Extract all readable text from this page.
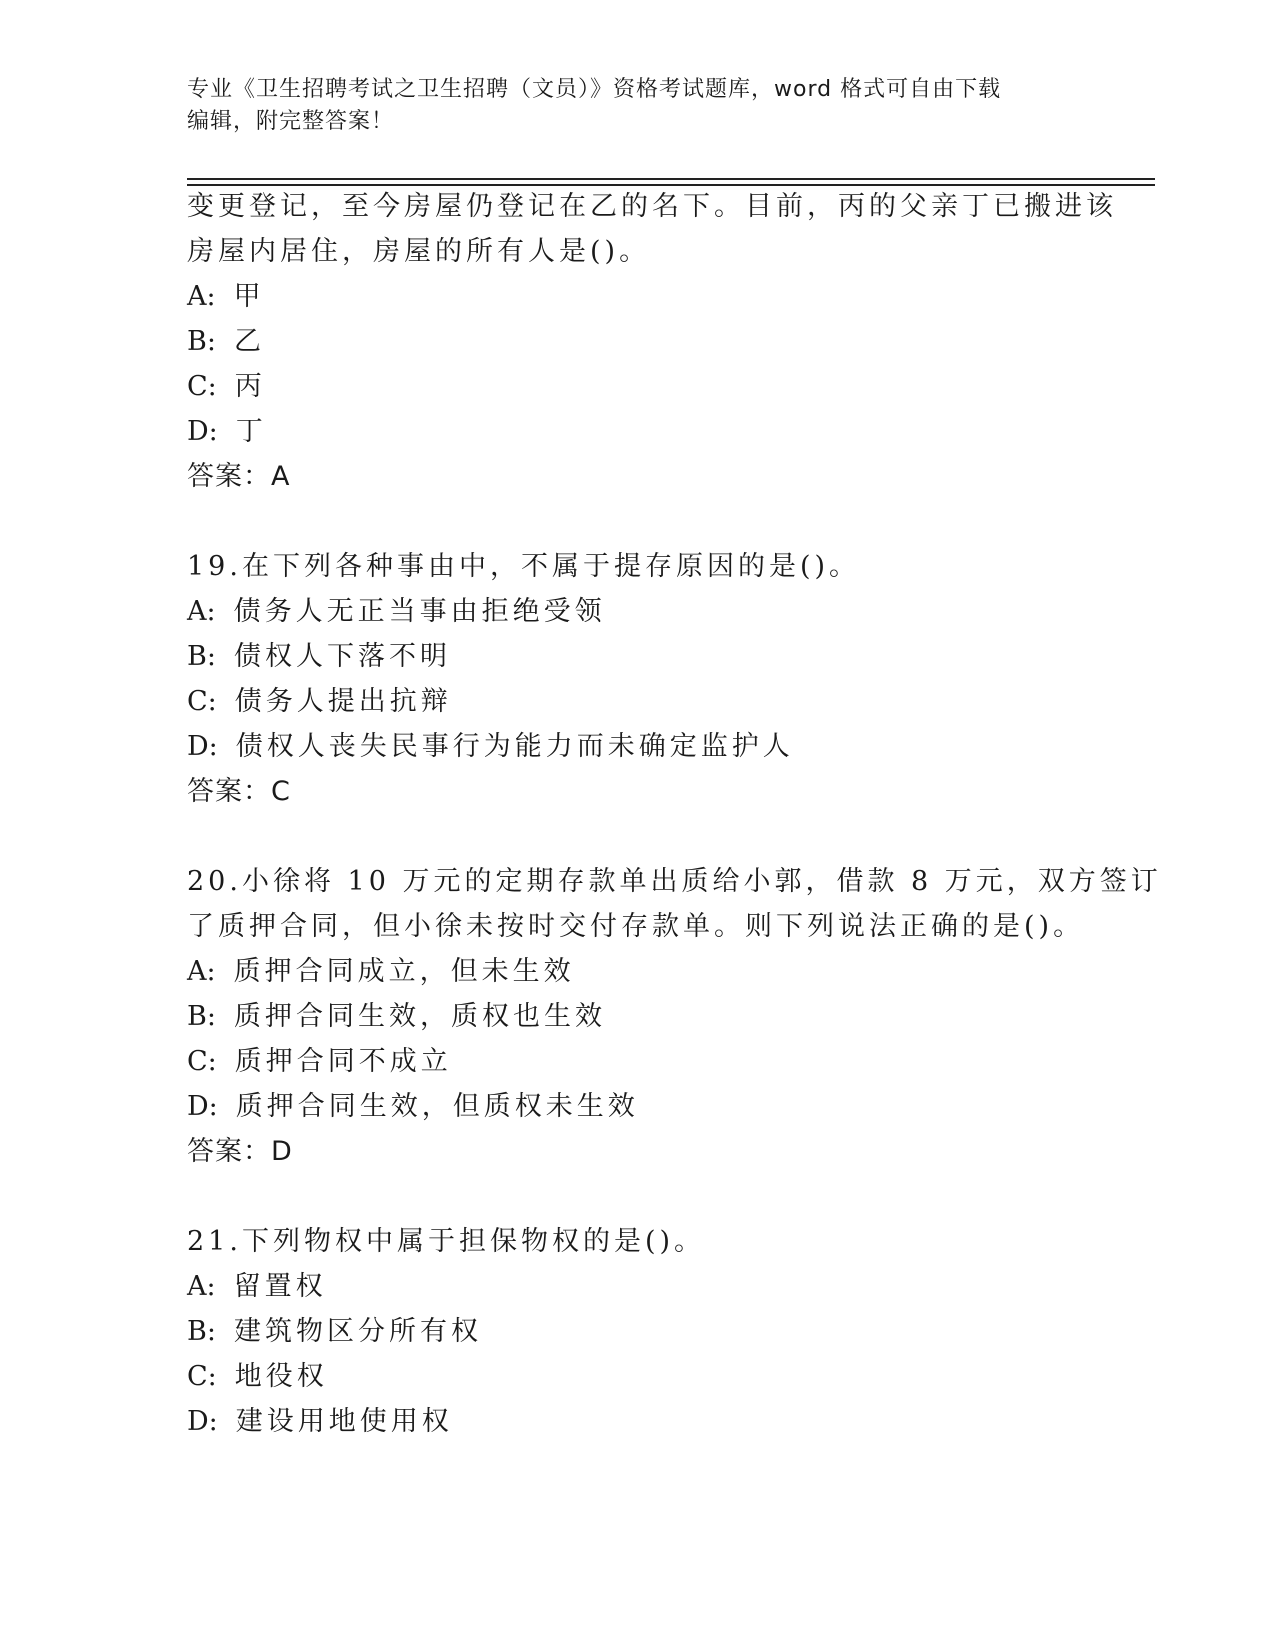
专业《卫生招聘考试之卫生招聘（文员）》资格考试题库，word 格式可自由下载
编辑，附完整答案！
变更登记，至今房屋仍登记在乙的名下。目前，丙的父亲丁已搬进该
房屋内居住，房屋的所有人是()。
A: 甲
B: 乙
C: 丙
D: 丁
答案：A
19.在下列各种事由中，不属于提存原因的是()。
A: 债务人无正当事由拒绝受领
B: 债权人下落不明
C: 债务人提出抗辩
D: 债权人丧失民事行为能力而未确定监护人
答案：C
20.小徐将 10 万元的定期存款单出质给小郭，借款 8 万元，双方签订
了质押合同，但小徐未按时交付存款单。则下列说法正确的是()。
A: 质押合同成立，但未生效
B: 质押合同生效，质权也生效
C: 质押合同不成立
D: 质押合同生效，但质权未生效
答案：D
21.下列物权中属于担保物权的是()。
A: 留置权
B: 建筑物区分所有权
C: 地役权
D: 建设用地使用权
